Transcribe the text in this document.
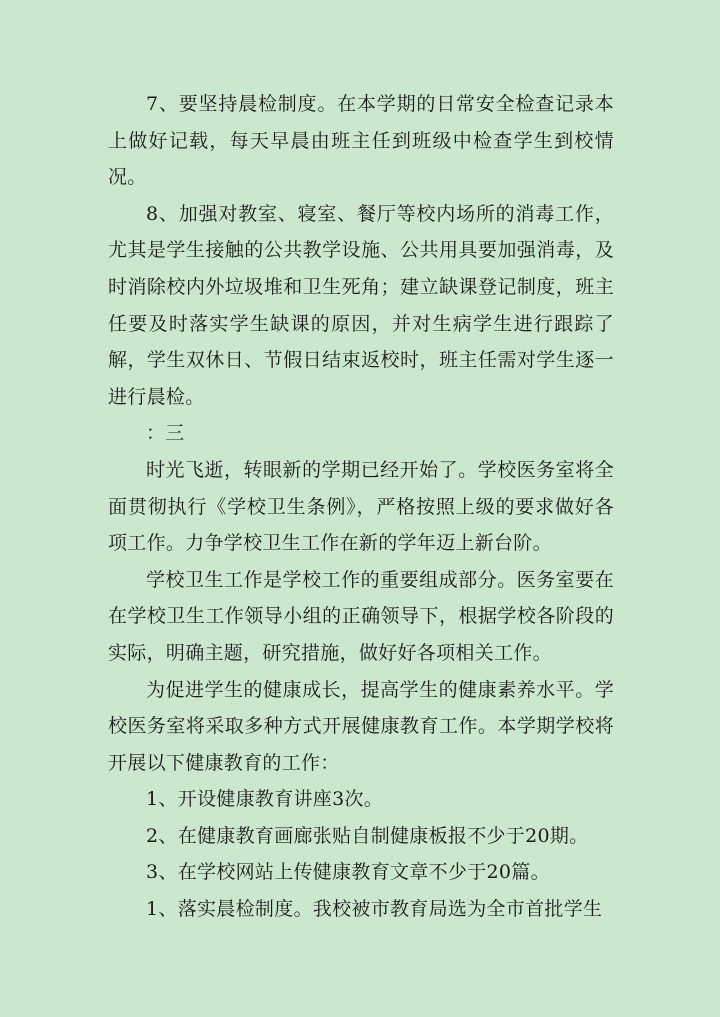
7、要坚持晨检制度。在本学期的日常安全检查记录本上做好记载，每天早晨由班主任到班级中检查学生到校情况。

8、加强对教室、寝室、餐厅等校内场所的消毒工作，尤其是学生接触的公共教学设施、公共用具要加强消毒，及时消除校内外垃圾堆和卫生死角；建立缺课登记制度，班主任要及时落实学生缺课的原因，并对生病学生进行跟踪了解，学生双休日、节假日结束返校时，班主任需对学生逐一进行晨检。

：三

时光飞逝，转眼新的学期已经开始了。学校医务室将全面贯彻执行《学校卫生条例》，严格按照上级的要求做好各项工作。力争学校卫生工作在新的学年迈上新台阶。

学校卫生工作是学校工作的重要组成部分。医务室要在在学校卫生工作领导小组的正确领导下，根据学校各阶段的实际，明确主题，研究措施，做好好各项相关工作。

为促进学生的健康成长，提高学生的健康素养水平。学校医务室将采取多种方式开展健康教育工作。本学期学校将开展以下健康教育的工作：

1、开设健康教育讲座3次。

2、在健康教育画廊张贴自制健康板报不少于20期。

3、在学校网站上传健康教育文章不少于20篇。

1、落实晨检制度。我校被市教育局选为全市首批学生
